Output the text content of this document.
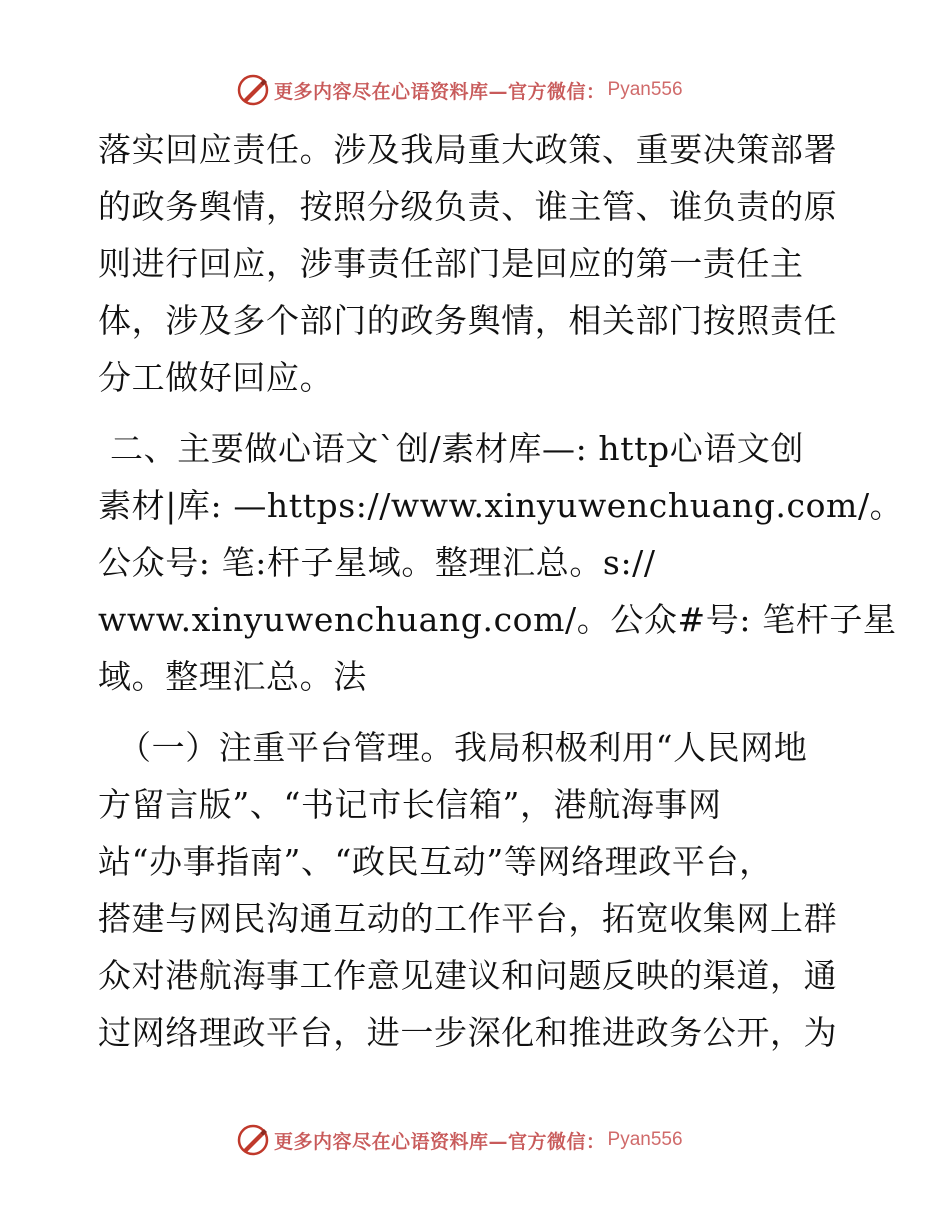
更多内容尽在心语资料库—官方微信： Pyan556
落实回应责任。涉及我局重大政策、重要决策部署
的政务舆情，按照分级负责、谁主管、谁负责的原
则进行回应，涉事责任部门是回应的第一责任主
体，涉及多个部门的政务舆情，相关部门按照责任
分工做好回应。
二、主要做心语文`创/素材库—: http心语文创
素材|库: —https://www.xinyuwenchuang.com/。
公众号: 笔:杆子星域。整理汇总。s://
www.xinyuwenchuang.com/。公众#号: 笔杆子星
域。整理汇总。法
（一）注重平台管理。我局积极利用“人民网地
方留言版”、“书记市长信箱”，港航海事网
站“办事指南”、“政民互动”等网络理政平台，
搭建与网民沟通互动的工作平台，拓宽收集网上群
众对港航海事工作意见建议和问题反映的渠道，通
过网络理政平台，进一步深化和推进政务公开，为
更多内容尽在心语资料库—官方微信： Pyan556
